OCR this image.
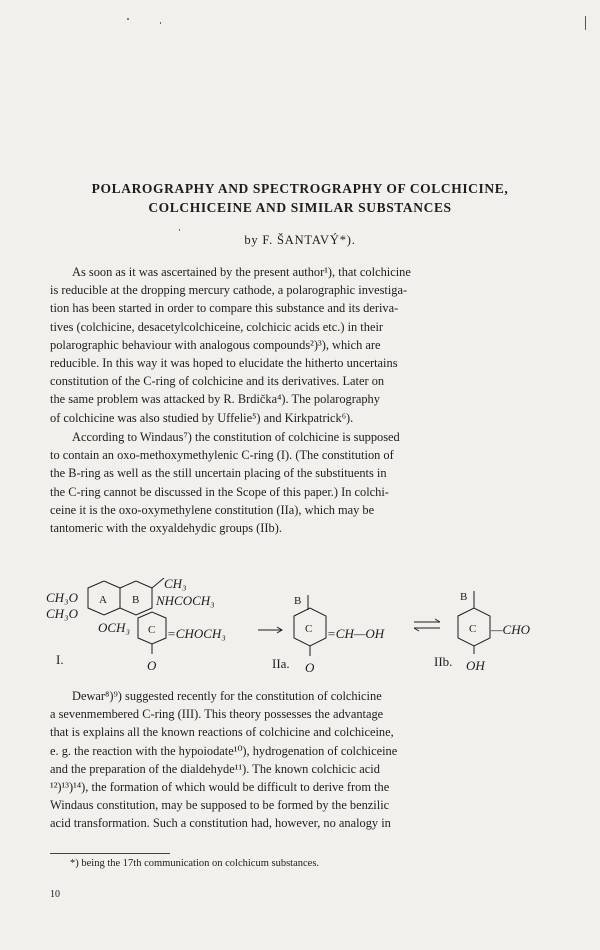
POLAROGRAPHY AND SPECTROGRAPHY OF COLCHICINE,
COLCHICEINE AND SIMILAR SUBSTANCES
by F. ŠANTAVÝ*).
As soon as it was ascertained by the present author¹), that colchicine
is reducible at the dropping mercury cathode, a polarographic investiga-
tion has been started in order to compare this substance and its deriva-
tives (colchicine, desacetylcolchiceine, colchicic acids etc.) in their
polarographic behaviour with analogous compounds²)³), which are
reducible. In this way it was hoped to elucidate the hitherto uncertains
constitution of the C-ring of colchicine and its derivatives. Later on
the same problem was attacked by R. Brdička⁴). The polarography
of colchicine was also studied by Uffelie⁵) and Kirkpatrick⁶).
According to Windaus⁷) the constitution of colchicine is supposed
to contain an oxo-methoxymethylenic C-ring (I). (The constitution of
the B-ring as well as the still uncertain placing of the substituents in
the C-ring cannot be discussed in the Scope of this paper.) In colchi-
ceine it is the oxo-oxymethylene constitution (IIa), which may be
tantomeric with the oxyaldehydic groups (IIb).
CH₃O
CH₃O
A B
CH₃
NHCOCH₃
OCH₃ C =CHOCH₃
O
I.
B
C =CH—OH
O
IIa.
B
C —CHO
OH
IIb.
Dewar⁸)⁹) suggested recently for the constitution of colchicine
a sevenmembered C-ring (III). This theory possesses the advantage
that is explains all the known reactions of colchicine and colchiceine,
e. g. the reaction with the hypoiodate¹⁰), hydrogenation of colchiceine
and the preparation of the dialdehyde¹¹). The known colchicic acid
¹²)¹³)¹⁴), the formation of which would be difficult to derive from the
Windaus constitution, may be supposed to be formed by the benzilic
acid transformation. Such a constitution had, however, no analogy in
*) being the 17th communication on colchicum substances.
10
